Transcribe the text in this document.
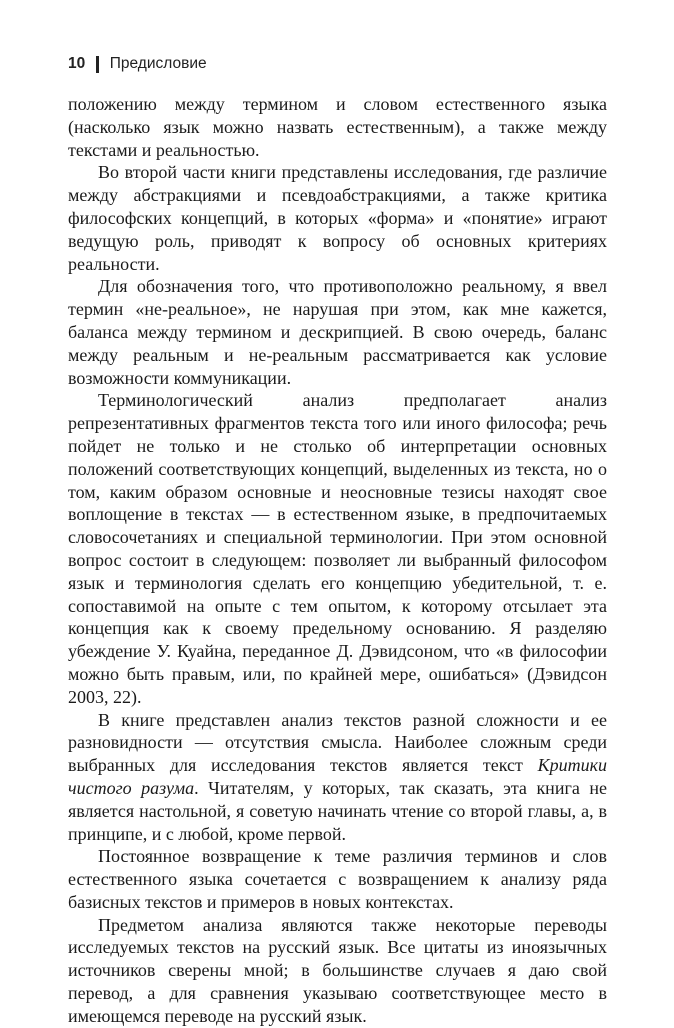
10 Предисловие

положению между термином и словом естественного языка (насколько язык можно назвать естественным), а также между текстами и реальностью.

Во второй части книги представлены исследования, где различие между абстракциями и псевдоабстракциями, а также критика философских концепций, в которых «форма» и «понятие» играют ведущую роль, приводят к вопросу об основных критериях реальности.

Для обозначения того, что противоположно реальному, я ввел термин «не-реальное», не нарушая при этом, как мне кажется, баланса между термином и дескрипцией. В свою очередь, баланс между реальным и не-реальным рассматривается как условие возможности коммуникации.

Терминологический анализ предполагает анализ репрезентативных фрагментов текста того или иного философа; речь пойдет не только и не столько об интерпретации основных положений соответствующих концепций, выделенных из текста, но о том, каким образом основные и неосновные тезисы находят свое воплощение в текстах — в естественном языке, в предпочитаемых словосочетаниях и специальной терминологии. При этом основной вопрос состоит в следующем: позволяет ли выбранный философом язык и терминология сделать его концепцию убедительной, т. е. сопоставимой на опыте с тем опытом, к которому отсылает эта концепция как к своему предельному основанию. Я разделяю убеждение У. Куайна, переданное Д. Дэвидсоном, что «в философии можно быть правым, или, по крайней мере, ошибаться» (Дэвидсон 2003, 22).

В книге представлен анализ текстов разной сложности и ее разновидности — отсутствия смысла. Наиболее сложным среди выбранных для исследования текстов является текст Критики чистого разума. Читателям, у которых, так сказать, эта книга не является настольной, я советую начинать чтение со второй главы, а, в принципе, и с любой, кроме первой.

Постоянное возвращение к теме различия терминов и слов естественного языка сочетается с возвращением к анализу ряда базисных текстов и примеров в новых контекстах.

Предметом анализа являются также некоторые переводы исследуемых текстов на русский язык. Все цитаты из иноязычных источников сверены мной; в большинстве случаев я даю свой перевод, а для сравнения указываю соответствующее место в имеющемся переводе на русский язык.
